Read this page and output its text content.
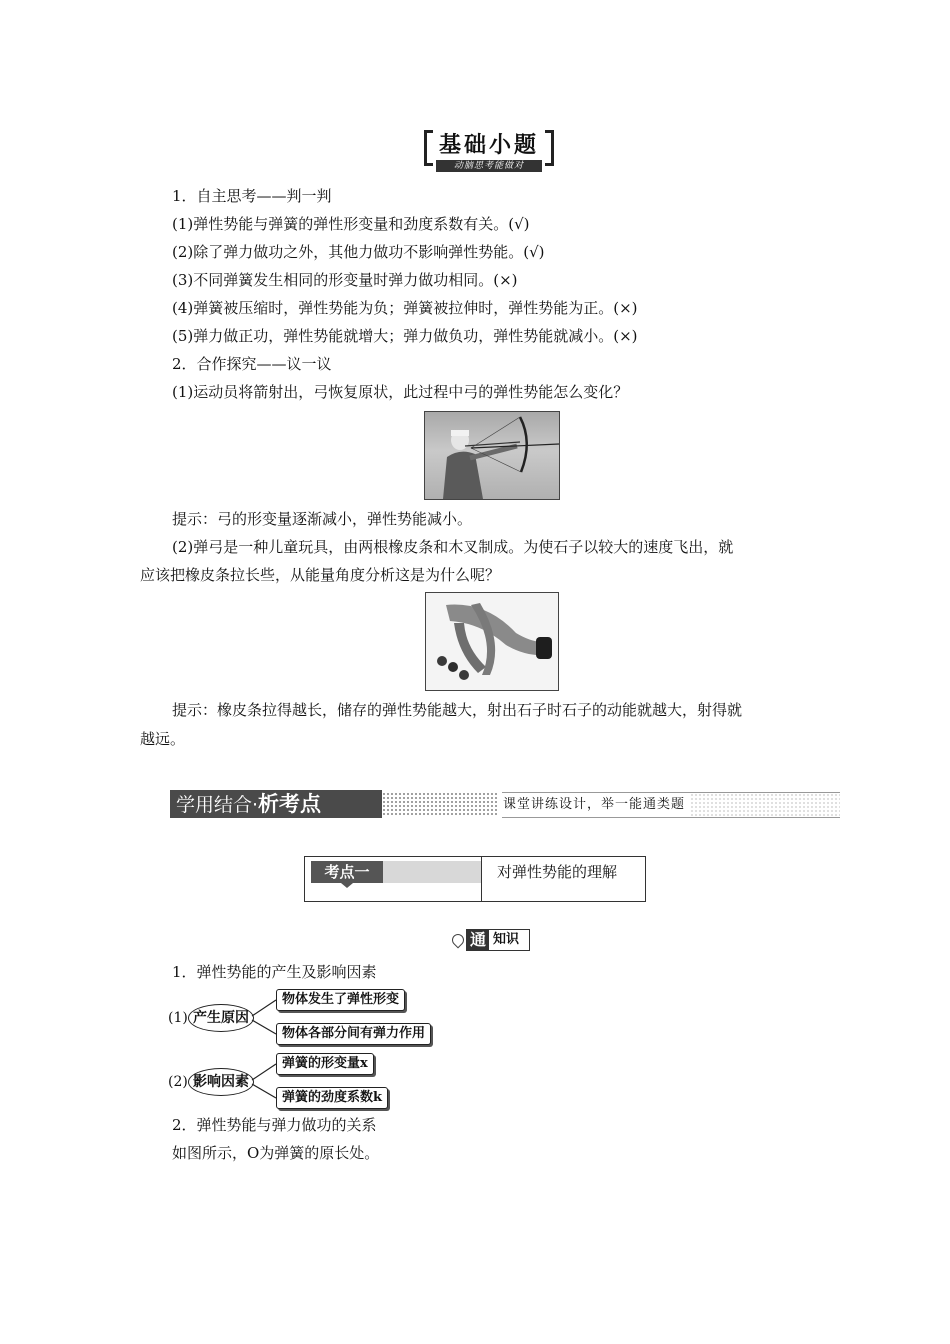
基础小题
动脑思考能做对
1．自主思考——判一判
(1)弹性势能与弹簧的弹性形变量和劲度系数有关。(√)
(2)除了弹力做功之外，其他力做功不影响弹性势能。(√)
(3)不同弹簧发生相同的形变量时弹力做功相同。(×)
(4)弹簧被压缩时，弹性势能为负；弹簧被拉伸时，弹性势能为正。(×)
(5)弹力做正功，弹性势能就增大；弹力做负功，弹性势能就减小。(×)
2．合作探究——议一议
(1)运动员将箭射出，弓恢复原状，此过程中弓的弹性势能怎么变化？
提示：弓的形变量逐渐减小，弹性势能减小。
(2)弹弓是一种儿童玩具，由两根橡皮条和木叉制成。为使石子以较大的速度飞出，就
应该把橡皮条拉长些，从能量角度分析这是为什么呢？
提示：橡皮条拉得越长，储存的弹性势能越大，射出石子时石子的动能就越大，射得就
越远。
学用结合·析考点	课堂讲练设计，举一能通类题
考点一	对弹性势能的理解
通 知识
1．弹性势能的产生及影响因素
(1) 产生原因
物体发生了弹性形变
物体各部分间有弹力作用
(2) 影响因素
弹簧的形变量x
弹簧的劲度系数k
2．弹性势能与弹力做功的关系
如图所示，O为弹簧的原长处。
